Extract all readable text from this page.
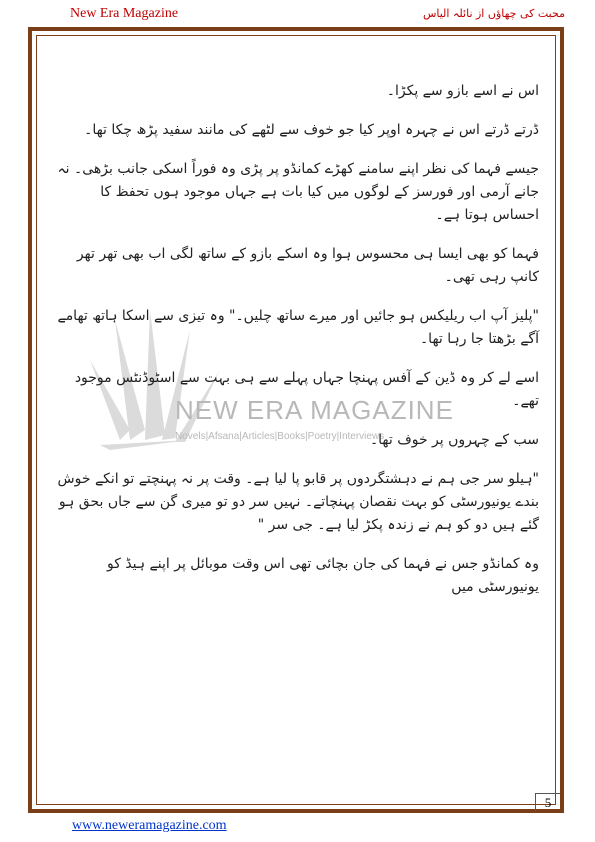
New Era Magazine	محبت کی چھاؤں از نائلہ الیاس
NEW ERA MAGAZINE
Novels|Afsana|Articles|Books|Poetry|Interviews

اس نے اسے بازو سے پکڑا۔

ڈرتے ڈرتے اس نے چہرہ اوپر کیا جو خوف سے لٹھے کی مانند سفید پڑھ چکا تھا۔

جیسے فہما کی نظر اپنے سامنے کھڑے کمانڈو پر پڑی وہ فوراً اسکی جانب بڑھی۔ نہ جانے آرمی اور فورسز کے لوگوں میں کیا بات ہے جہاں موجود ہوں تحفظ کا احساس ہوتا ہے۔

فہما کو بھی ایسا ہی محسوس ہوا وہ اسکے بازو کے ساتھ لگی اب بھی تھر تھر کانپ رہی تھی۔

"پلیز آپ اب ریلیکس ہو جائیں اور میرے ساتھ چلیں۔" وہ تیزی سے اسکا ہاتھ تھامے آگے بڑھتا جا رہا تھا۔

اسے لے کر وہ ڈین کے آفس پہنچا جہاں پہلے سے ہی بہت سے اسٹوڈنٹس موجود تھے۔

سب کے چہروں پر خوف تھا۔

"ہیلو سر جی ہم نے دہشتگردوں پر قابو پا لیا ہے۔ وقت پر نہ پہنچتے تو انکے خوش بندے یونیورسٹی کو بہت نقصان پہنچاتے۔ نہیں سر دو تو میری گن سے جاں بحق ہو گئے ہیں دو کو ہم نے زندہ پکڑ لیا ہے۔ جی سر "

وہ کمانڈو جس نے فہما کی جان بچائی تھی اس وقت موبائل پر اپنے ہیڈ کو یونیورسٹی میں

5
www.neweramagazine.com
